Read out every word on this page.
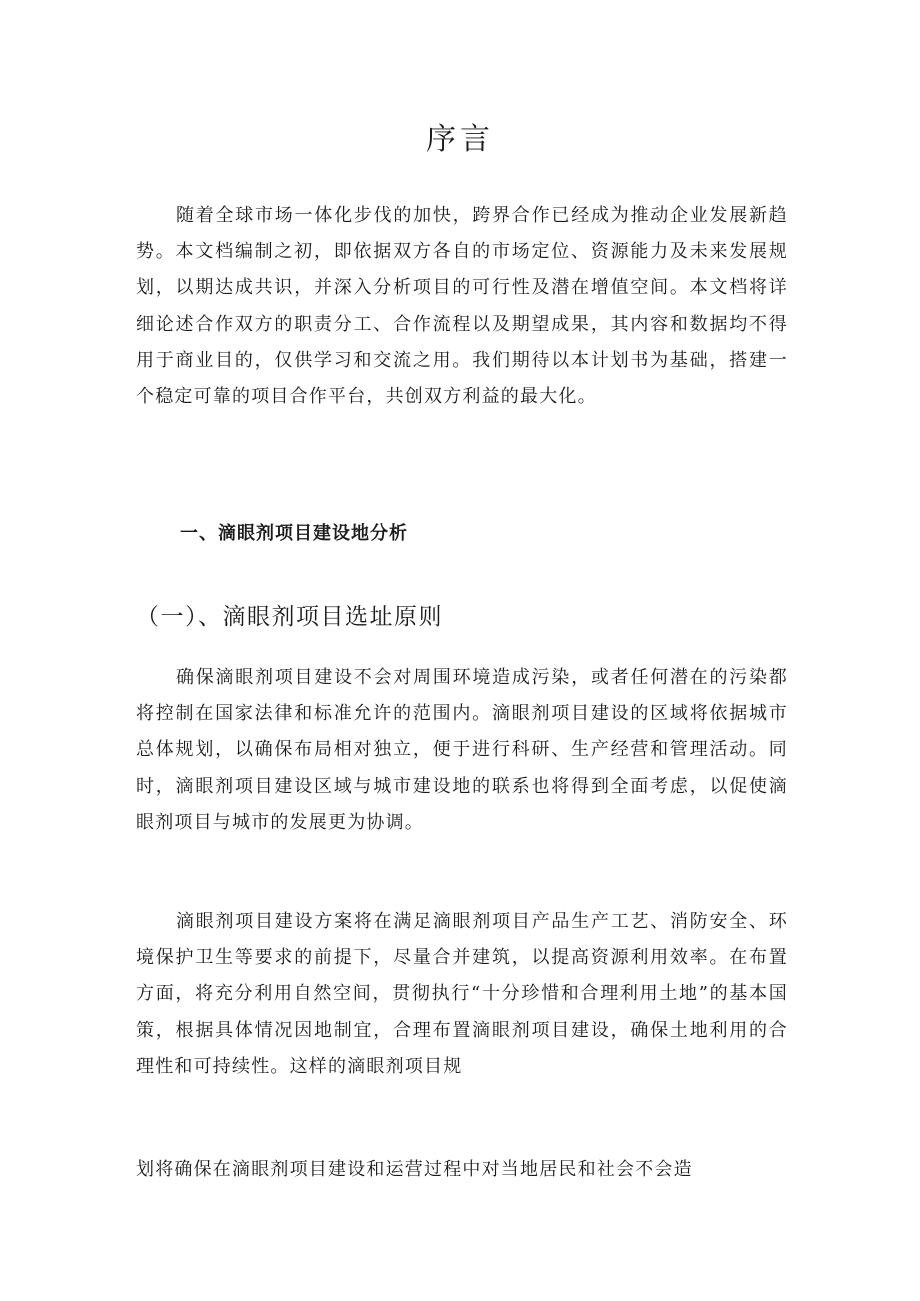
序言

随着全球市场一体化步伐的加快，跨界合作已经成为推动企业发展新趋势。本文档编制之初，即依据双方各自的市场定位、资源能力及未来发展规划，以期达成共识，并深入分析项目的可行性及潜在增值空间。本文档将详细论述合作双方的职责分工、合作流程以及期望成果，其内容和数据均不得用于商业目的，仅供学习和交流之用。我们期待以本计划书为基础，搭建一个稳定可靠的项目合作平台，共创双方利益的最大化。

一、滴眼剂项目建设地分析
（一）、滴眼剂项目选址原则

确保滴眼剂项目建设不会对周围环境造成污染，或者任何潜在的污染都将控制在国家法律和标准允许的范围内。滴眼剂项目建设的区域将依据城市总体规划，以确保布局相对独立，便于进行科研、生产经营和管理活动。同时，滴眼剂项目建设区域与城市建设地的联系也将得到全面考虑，以促使滴眼剂项目与城市的发展更为协调。

滴眼剂项目建设方案将在满足滴眼剂项目产品生产工艺、消防安全、环境保护卫生等要求的前提下，尽量合并建筑，以提高资源利用效率。在布置方面，将充分利用自然空间，贯彻执行“十分珍惜和合理利用土地”的基本国策，根据具体情况因地制宜，合理布置滴眼剂项目建设，确保土地利用的合理性和可持续性。这样的滴眼剂项目规

划将确保在滴眼剂项目建设和运营过程中对当地居民和社会不会造
